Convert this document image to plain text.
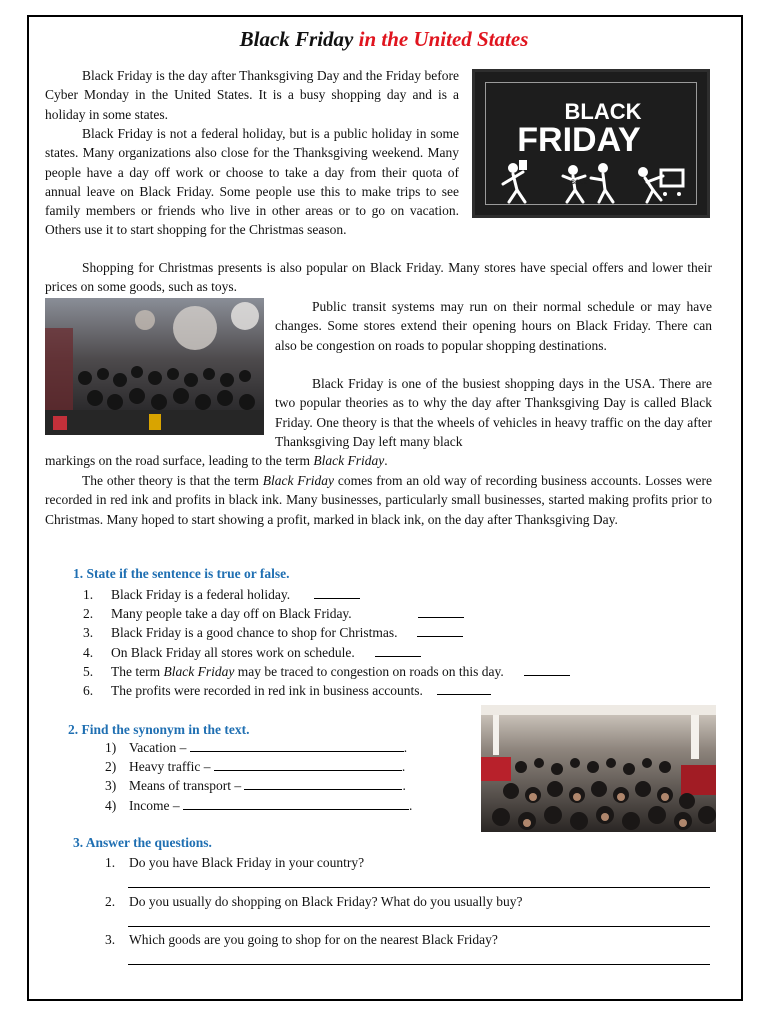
Black Friday in the United States

Black Friday is the day after Thanksgiving Day and the Friday before Cyber Monday in the United States. It is a busy shopping day and is a holiday in some states.

Black Friday is not a federal holiday, but is a public holiday in some states. Many organizations also close for the Thanksgiving weekend. Many people have a day off work or choose to take a day from their quota of annual leave on Black Friday. Some people use this to make trips to see family members or friends who live in other areas or to go on vacation. Others use it to start shopping for the Christmas season.

Shopping for Christmas presents is also popular on Black Friday. Many stores have special offers and lower their prices on some goods, such as toys.

Public transit systems may run on their normal schedule or may have changes. Some stores extend their opening hours on Black Friday. There can also be congestion on roads to popular shopping destinations.

Black Friday is one of the busiest shopping days in the USA. There are two popular theories as to why the day after Thanksgiving Day is called Black Friday. One theory is that the wheels of vehicles in heavy traffic on the day after Thanksgiving Day left many black

markings on the road surface, leading to the term Black Friday.

The other theory is that the term Black Friday comes from an old way of recording business accounts. Losses were recorded in red ink and profits in black ink. Many businesses, particularly small businesses, started making profits prior to Christmas. Many hoped to start showing a profit, marked in black ink, on the day after Thanksgiving Day.

BLACK
FRIDAY
SALE
1. State if the sentence is true or false.
1. Black Friday is a federal holiday.
2. Many people take a day off on Black Friday.
3. Black Friday is a good chance to shop for Christmas.
4. On Black Friday all stores work on schedule.
5. The term Black Friday may be traced to congestion on roads on this day.
6. The profits were recorded in red ink in business accounts.
2. Find the synonym in the text.
1) Vacation –	.
2) Heavy traffic –	.
3) Means of transport –	.
4) Income –	.
3. Answer the questions.
1. Do you have Black Friday in your country?
2. Do you usually do shopping on Black Friday? What do you usually buy?
3. Which goods are you going to shop for on the nearest Black Friday?
